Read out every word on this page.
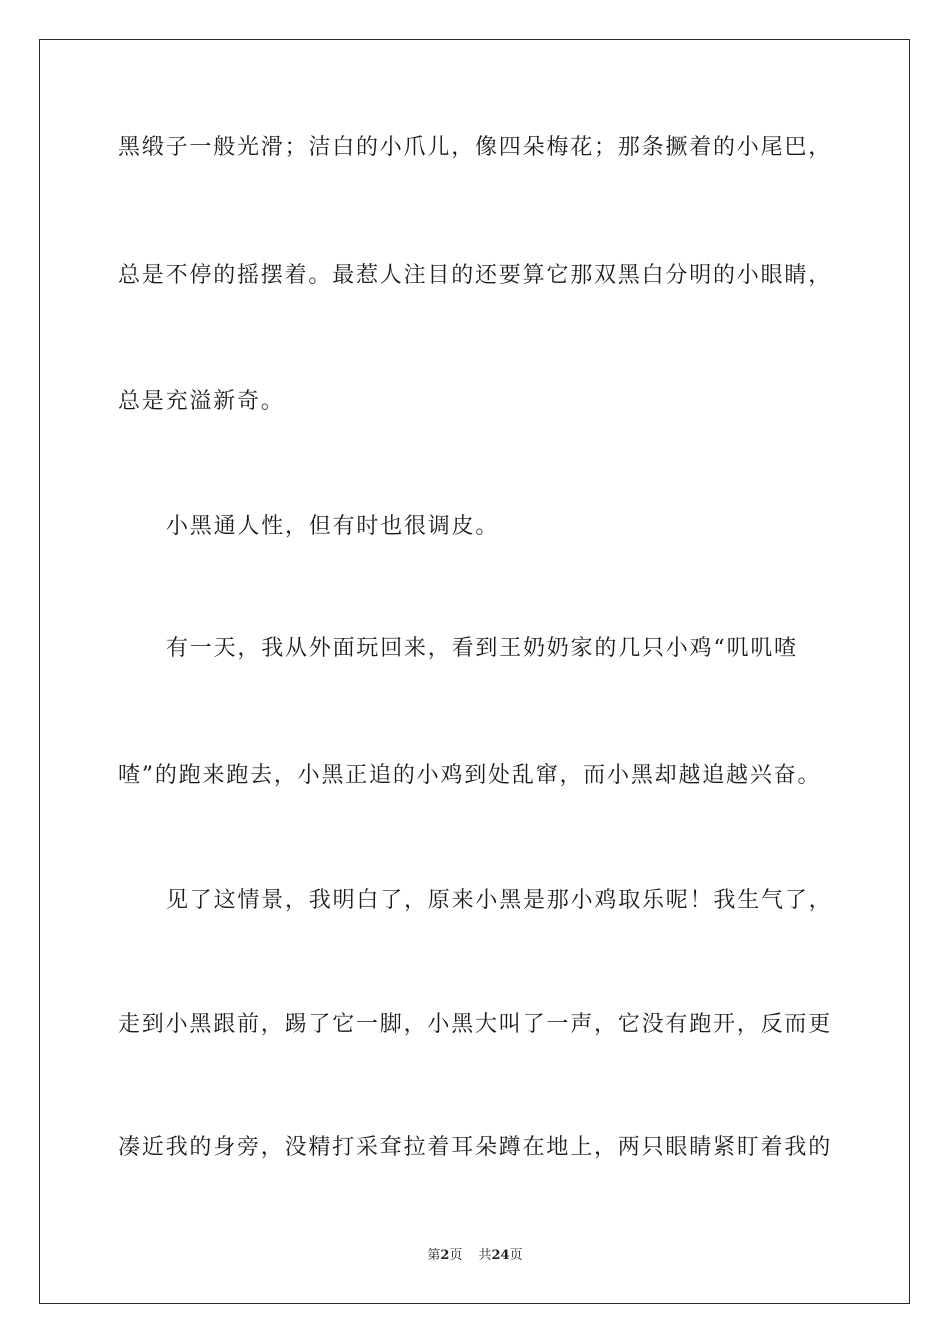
黑缎子一般光滑；洁白的小爪儿，像四朵梅花；那条撅着的小尾巴，
总是不停的摇摆着。最惹人注目的还要算它那双黑白分明的小眼睛，
总是充溢新奇。
小黑通人性，但有时也很调皮。
有一天，我从外面玩回来，看到王奶奶家的几只小鸡“叽叽喳
喳”的跑来跑去，小黑正追的小鸡到处乱窜，而小黑却越追越兴奋。
见了这情景，我明白了，原来小黑是那小鸡取乐呢！我生气了，
走到小黑跟前，踢了它一脚，小黑大叫了一声，它没有跑开，反而更
凑近我的身旁，没精打采耷拉着耳朵蹲在地上，两只眼睛紧盯着我的
第2页 共24页
